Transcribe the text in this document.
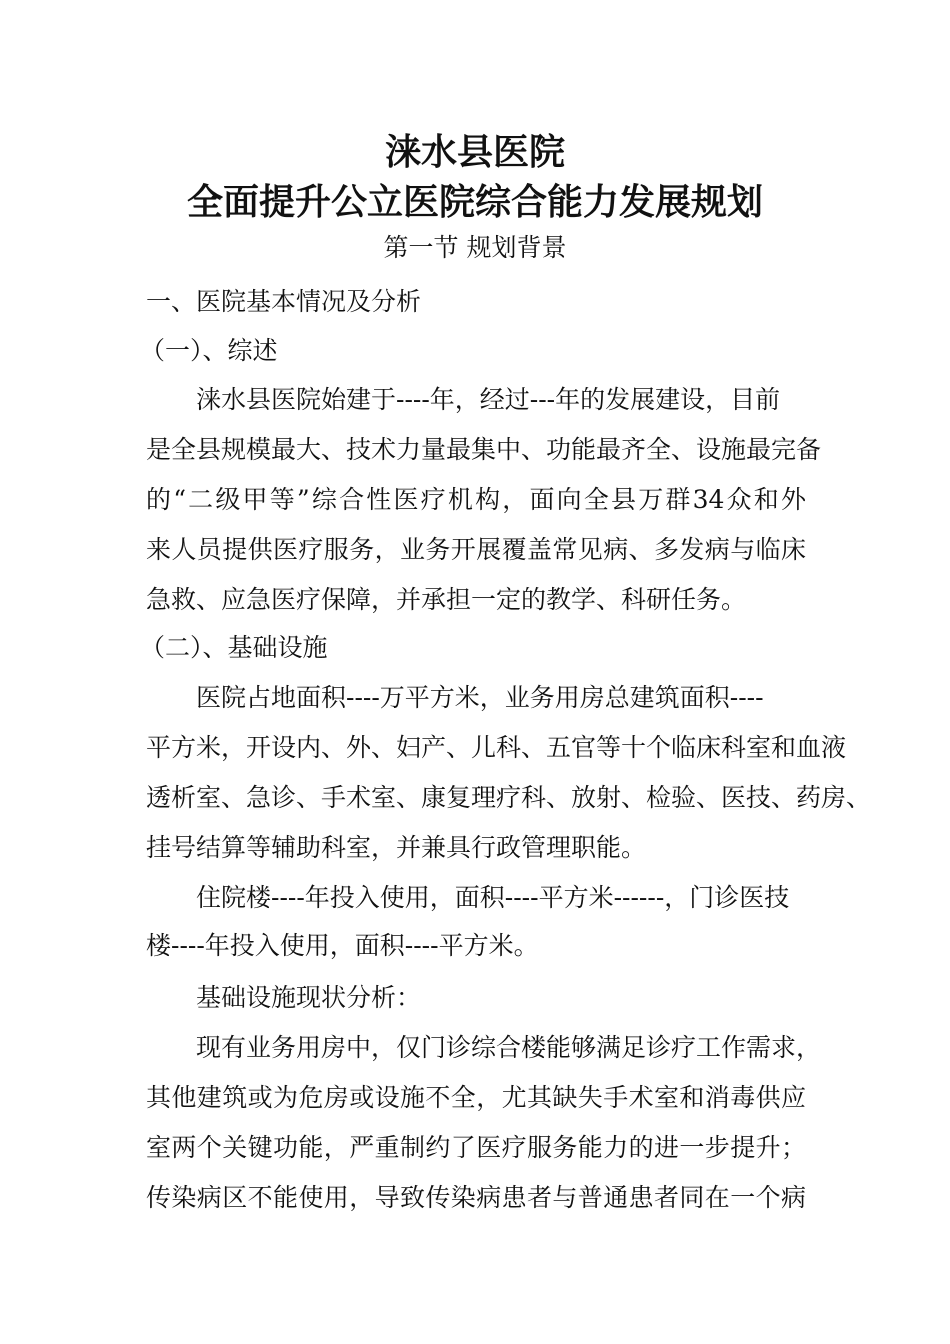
涞水县医院
全面提升公立医院综合能力发展规划
第一节 规划背景
一、医院基本情况及分析
（一）、综述
涞水县医院始建于----年，经过---年的发展建设，目前
是全县规模最大、技术力量最集中、功能最齐全、设施最完备
的“二级甲等”综合性医疗机构，面向全县万群34众和外
来人员提供医疗服务，业务开展覆盖常见病、多发病与临床
急救、应急医疗保障，并承担一定的教学、科研任务。
（二）、基础设施
医院占地面积----万平方米，业务用房总建筑面积----
平方米，开设内、外、妇产、儿科、五官等十个临床科室和血液
透析室、急诊、手术室、康复理疗科、放射、检验、医技、药房、
挂号结算等辅助科室，并兼具行政管理职能。
住院楼----年投入使用，面积----平方米------，门诊医技
楼----年投入使用，面积----平方米。
基础设施现状分析：
现有业务用房中，仅门诊综合楼能够满足诊疗工作需求，
其他建筑或为危房或设施不全，尤其缺失手术室和消毒供应
室两个关键功能，严重制约了医疗服务能力的进一步提升；
传染病区不能使用，导致传染病患者与普通患者同在一个病
